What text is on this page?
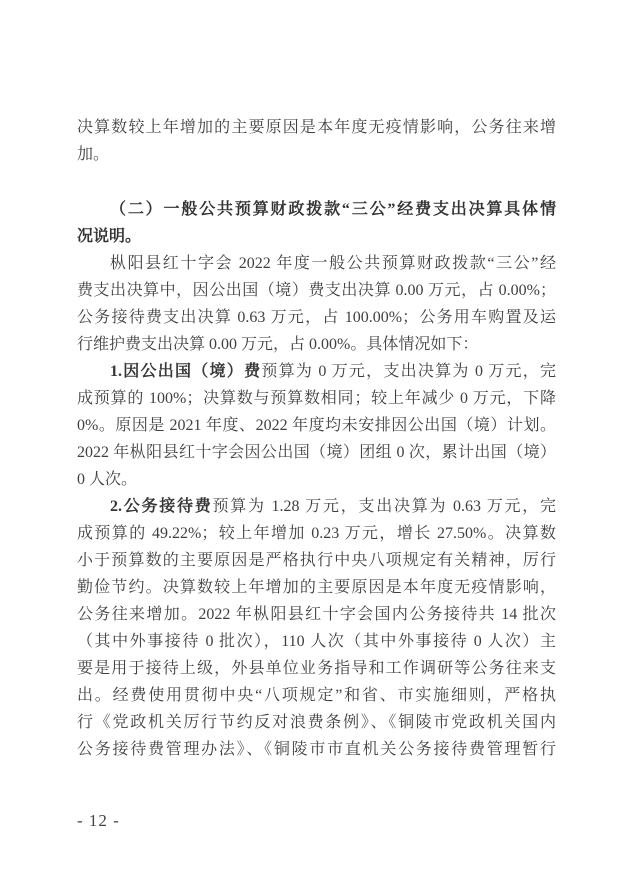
决算数较上年增加的主要原因是本年度无疫情影响，公务往来增
加。
（二）一般公共预算财政拨款“三公”经费支出决算具体情
况说明。
枞阳县红十字会 2022 年度一般公共预算财政拨款“三公”经
费支出决算中，因公出国（境）费支出决算 0.00 万元，占 0.00%；
公务接待费支出决算 0.63 万元，占 100.00%；公务用车购置及运
行维护费支出决算 0.00 万元，占 0.00%。具体情况如下：
1.因公出国（境）费预算为 0 万元，支出决算为 0 万元，完
成预算的 100%；决算数与预算数相同；较上年减少 0 万元，下降
0%。原因是 2021 年度、2022 年度均未安排因公出国（境）计划。
2022 年枞阳县红十字会因公出国（境）团组 0 次，累计出国（境）
0 人次。
2.公务接待费预算为 1.28 万元，支出决算为 0.63 万元，完
成预算的 49.22%；较上年增加 0.23 万元，增长 27.50%。决算数
小于预算数的主要原因是严格执行中央八项规定有关精神，厉行
勤俭节约。决算数较上年增加的主要原因是本年度无疫情影响，
公务往来增加。2022 年枞阳县红十字会国内公务接待共 14 批次
（其中外事接待 0 批次），110 人次（其中外事接待 0 人次）主
要是用于接待上级，外县单位业务指导和工作调研等公务往来支
出。经费使用贯彻中央“八项规定”和省、市实施细则，严格执
行《党政机关厉行节约反对浪费条例》、《铜陵市党政机关国内
公务接待费管理办法》、《铜陵市市直机关公务接待费管理暂行
- 12 -
